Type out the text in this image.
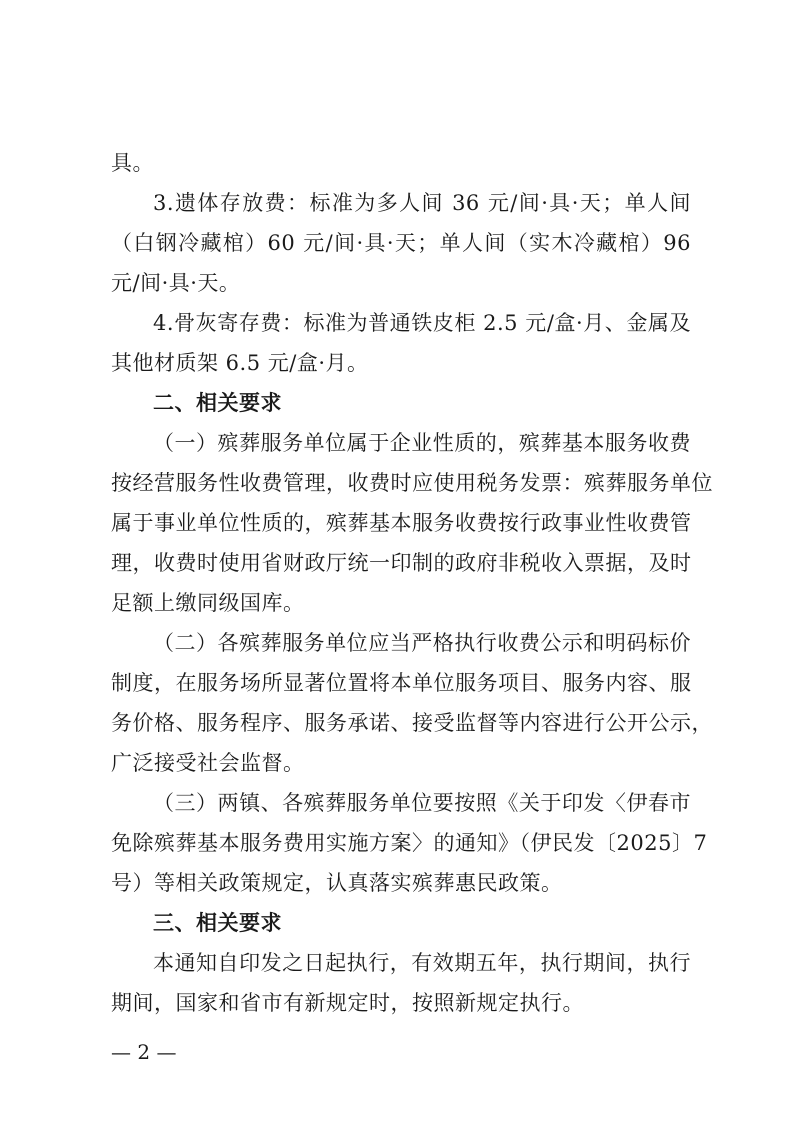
具。
3.遗体存放费：标准为多人间 36 元/间·具·天；单人间
（白钢冷藏棺）60 元/间·具·天；单人间（实木冷藏棺）96
元/间·具·天。
4.骨灰寄存费：标准为普通铁皮柜 2.5 元/盒·月、金属及
其他材质架 6.5 元/盒·月。
二、相关要求
（一）殡葬服务单位属于企业性质的，殡葬基本服务收费
按经营服务性收费管理，收费时应使用税务发票：殡葬服务单位
属于事业单位性质的，殡葬基本服务收费按行政事业性收费管
理，收费时使用省财政厅统一印制的政府非税收入票据，及时
足额上缴同级国库。
（二）各殡葬服务单位应当严格执行收费公示和明码标价
制度，在服务场所显著位置将本单位服务项目、服务内容、服
务价格、服务程序、服务承诺、接受监督等内容进行公开公示，
广泛接受社会监督。
（三）两镇、各殡葬服务单位要按照《关于印发〈伊春市
免除殡葬基本服务费用实施方案〉的通知》（伊民发〔2025〕7
号）等相关政策规定，认真落实殡葬惠民政策。
三、相关要求
本通知自印发之日起执行，有效期五年，执行期间，执行
期间，国家和省市有新规定时，按照新规定执行。
— 2 —
